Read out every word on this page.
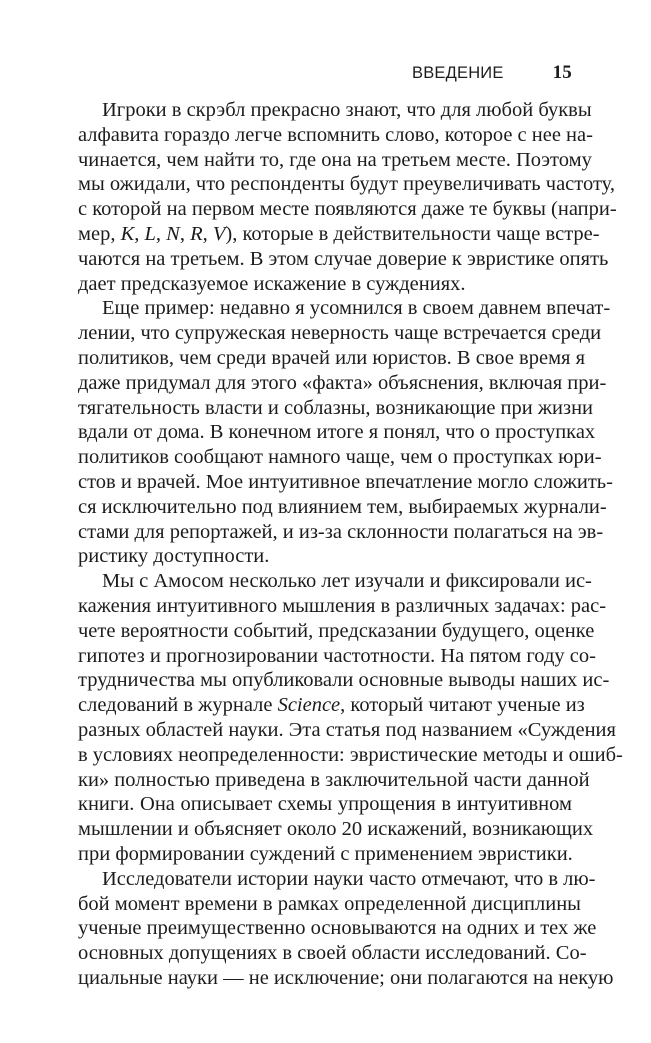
ВВЕДЕНИЕ	15
Игроки в скрэбл прекрасно знают, что для любой буквы
алфавита гораздо легче вспомнить слово, которое с нее на-
чинается, чем найти то, где она на третьем месте. Поэтому
мы ожидали, что респонденты будут преувеличивать частоту,
с которой на первом месте появляются даже те буквы (напри-
мер, K, L, N, R, V), которые в действительности чаще встре-
чаются на третьем. В этом случае доверие к эвристике опять
дает предсказуемое искажение в суждениях.
Еще пример: недавно я усомнился в своем давнем впечат-
лении, что супружеская неверность чаще встречается среди
политиков, чем среди врачей или юристов. В свое время я
даже придумал для этого «факта» объяснения, включая при-
тягательность власти и соблазны, возникающие при жизни
вдали от дома. В конечном итоге я понял, что о проступках
политиков сообщают намного чаще, чем о проступках юри-
стов и врачей. Мое интуитивное впечатление могло сложить-
ся исключительно под влиянием тем, выбираемых журнали-
стами для репортажей, и из-за склонности полагаться на эв-
ристику доступности.
Мы с Амосом несколько лет изучали и фиксировали ис-
кажения интуитивного мышления в различных задачах: рас-
чете вероятности событий, предсказании будущего, оценке
гипотез и прогнозировании частотности. На пятом году со-
трудничества мы опубликовали основные выводы наших ис-
следований в журнале Science, который читают ученые из
разных областей науки. Эта статья под названием «Суждения
в условиях неопределенности: эвристические методы и ошиб-
ки» полностью приведена в заключительной части данной
книги. Она описывает схемы упрощения в интуитивном
мышлении и объясняет около 20 искажений, возникающих
при формировании суждений с применением эвристики.
Исследователи истории науки часто отмечают, что в лю-
бой момент времени в рамках определенной дисциплины
ученые преимущественно основываются на одних и тех же
основных допущениях в своей области исследований. Со-
циальные науки — не исключение; они полагаются на некую
